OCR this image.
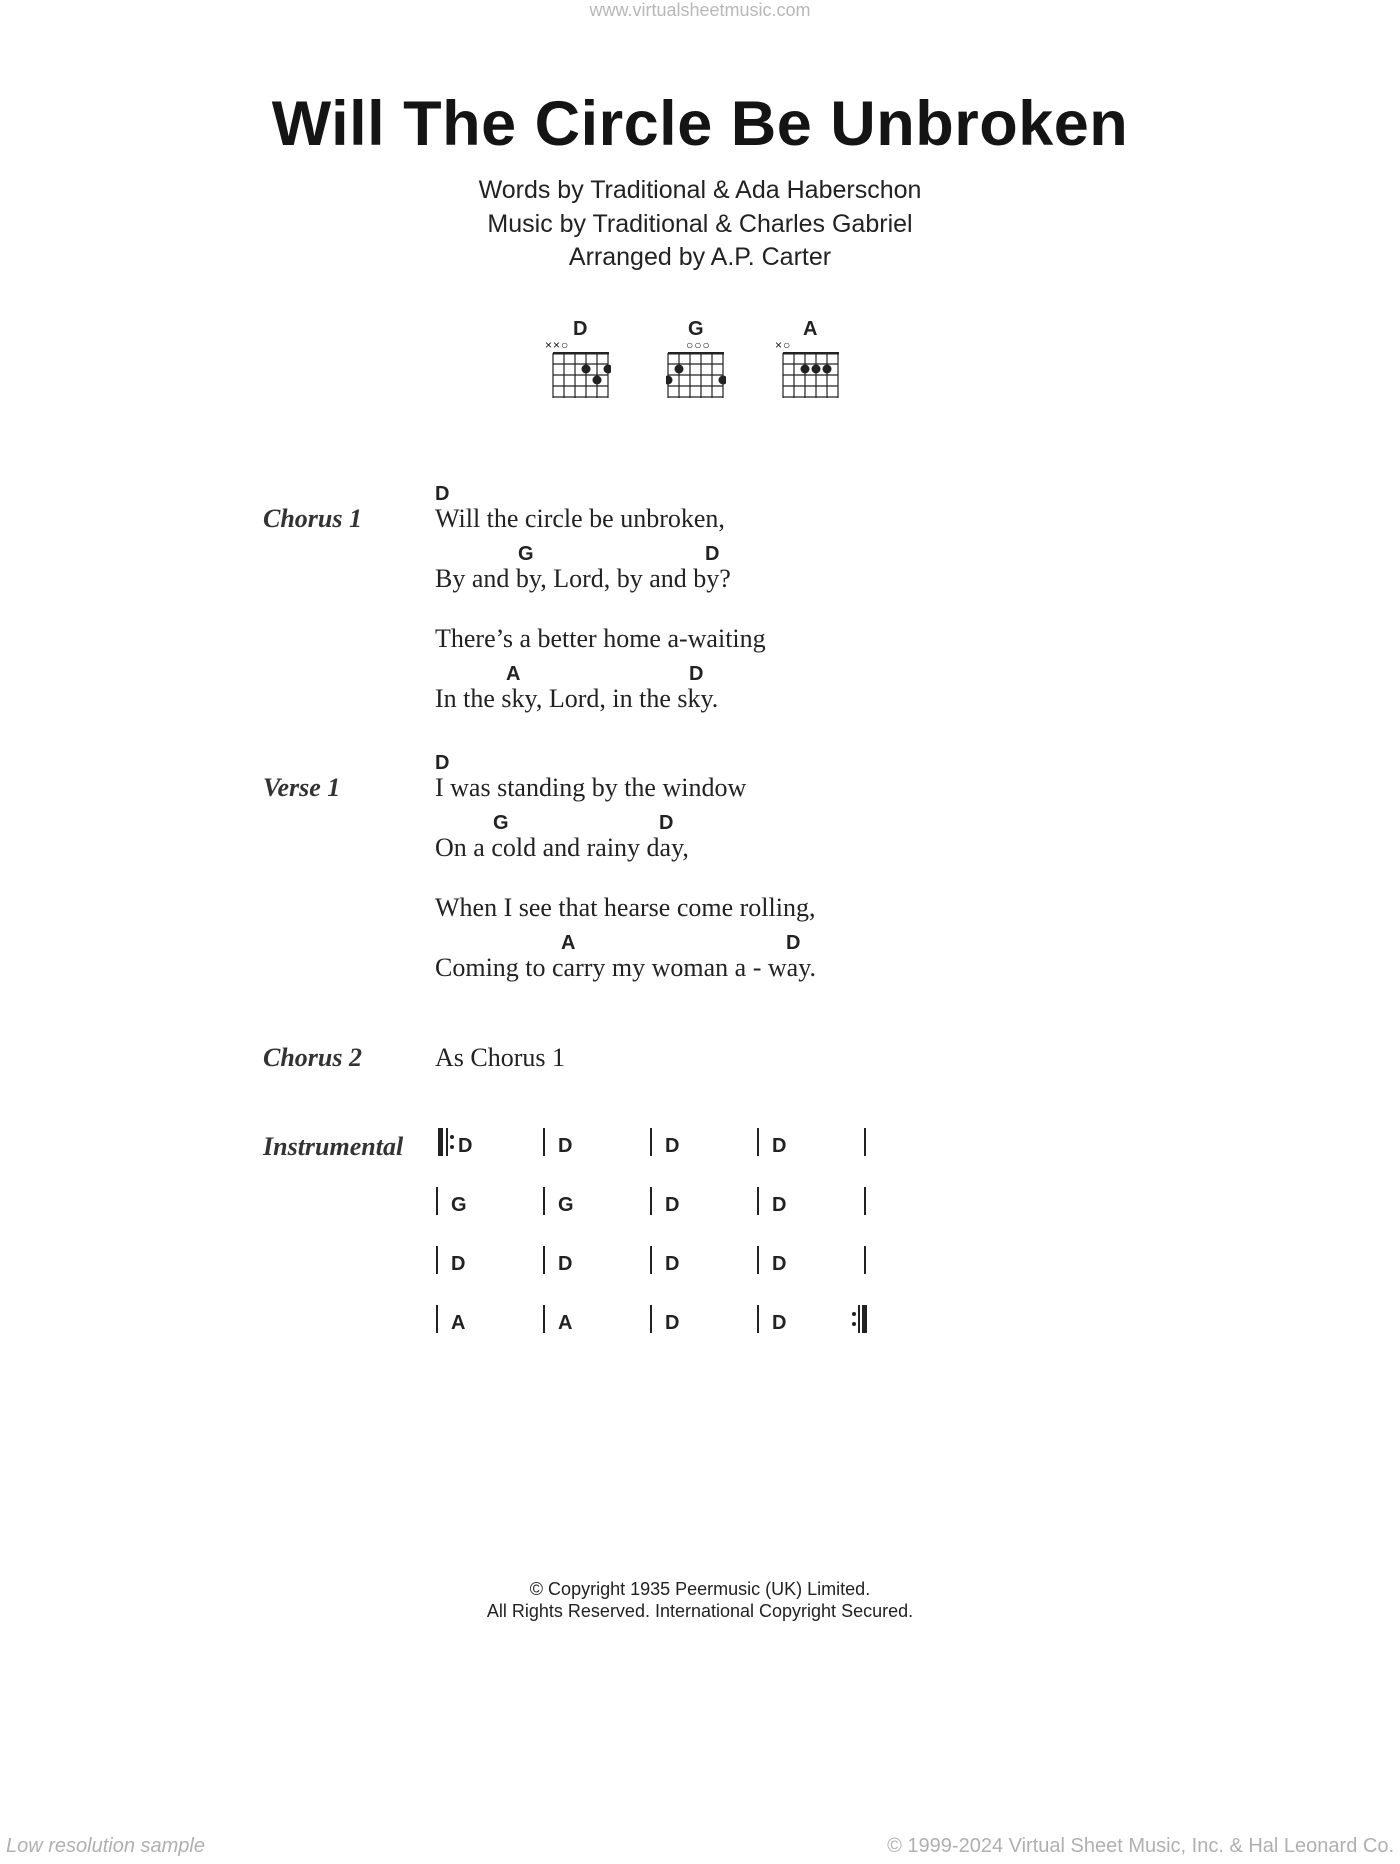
www.virtualsheetmusic.com
Will The Circle Be Unbroken
Words by Traditional & Ada Haberschon
Music by Traditional & Charles Gabriel
Arranged by A.P. Carter
D
××○
G
○○○
A
×○
Chorus 1
D
Will the circle be unbroken,
G	D
By and by, Lord, by and by?
There’s a better home a-waiting
A	D
In the sky, Lord, in the sky.
Verse 1
D
I was standing by the window
G	D
On a cold and rainy day,
When I see that hearse come rolling,
A	D
Coming to carry my woman a - way.
Chorus 2	As Chorus 1
Instrumental	D	D	D	D
G	G	D	D
D	D	D	D
A	A	D	D
© Copyright 1935 Peermusic (UK) Limited.
All Rights Reserved. International Copyright Secured.
Low resolution sample	© 1999-2024 Virtual Sheet Music, Inc. & Hal Leonard Co.
